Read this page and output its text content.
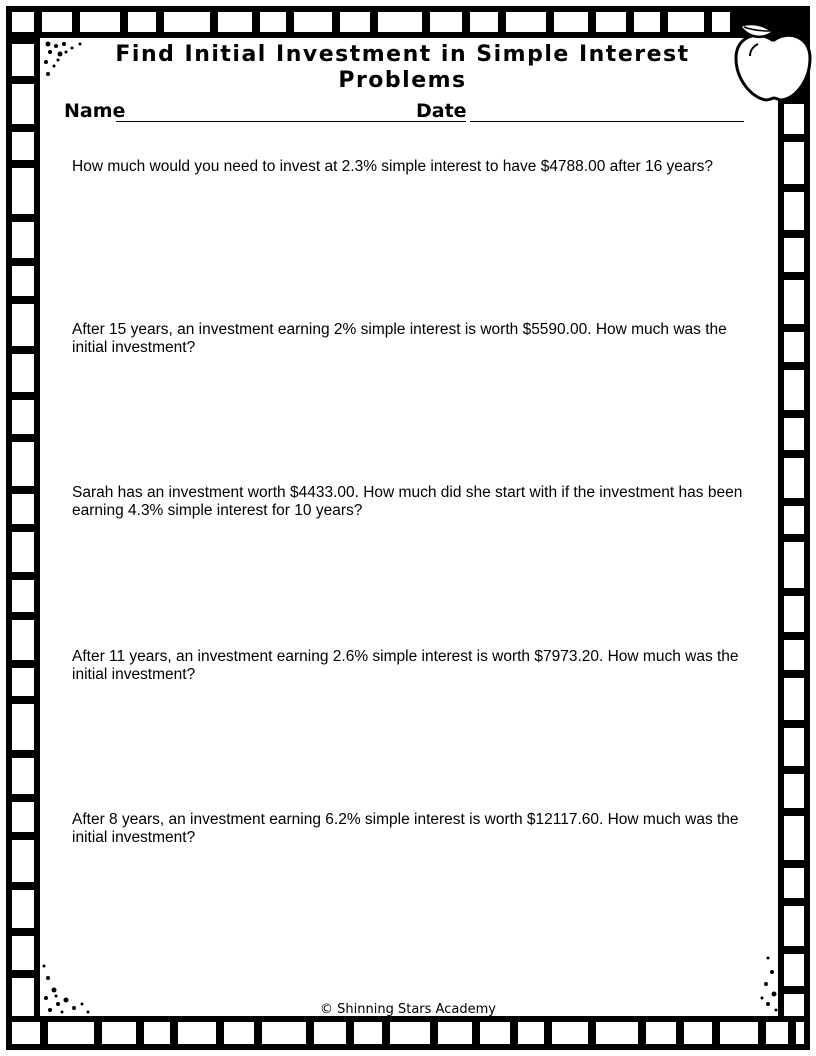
Find Initial Investment in Simple Interest Problems
Name	Date
How much would you need to invest at 2.3% simple interest to have $4788.00 after 16 years?
After 15 years, an investment earning 2% simple interest is worth $5590.00. How much was the initial investment?
Sarah has an investment worth $4433.00. How much did she start with if the investment has been earning 4.3% simple interest for 10 years?
After 11 years, an investment earning 2.6% simple interest is worth $7973.20. How much was the initial investment?
After 8 years, an investment earning 6.2% simple interest is worth $12117.60. How much was the initial investment?
© Shinning Stars Academy
